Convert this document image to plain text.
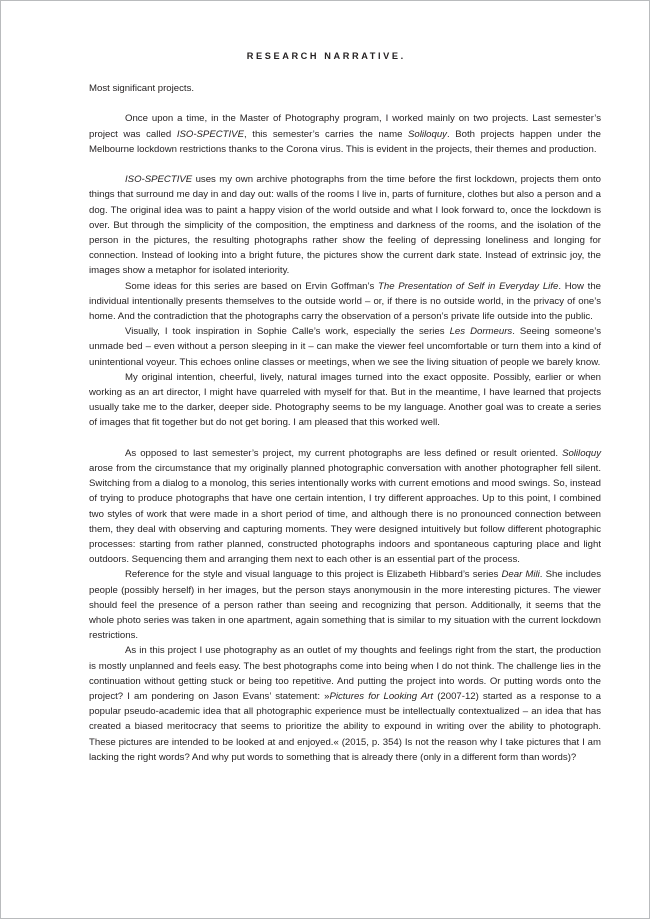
RESEARCH NARRATIVE.

Most significant projects.

Once upon a time, in the Master of Photography program, I worked mainly on two projects. Last semester’s project was called ISO-SPECTIVE, this semester’s carries the name Soliloquy. Both projects happen under the Melbourne lockdown restrictions thanks to the Corona virus. This is evident in the projects, their themes and production.

ISO-SPECTIVE uses my own archive photographs from the time before the first lockdown, projects them onto things that surround me day in and day out: walls of the rooms I live in, parts of furniture, clothes but also a person and a dog. The original idea was to paint a happy vision of the world outside and what I look forward to, once the lockdown is over. But through the simplicity of the composition, the emptiness and darkness of the rooms, and the isolation of the person in the pictures, the resulting photographs rather show the feeling of depressing loneliness and longing for connection. Instead of looking into a bright future, the pictures show the current dark state. Instead of extrinsic joy, the images show a metaphor for isolated interiority.

Some ideas for this series are based on Ervin Goffman’s The Presentation of Self in Everyday Life. How the individual intentionally presents themselves to the outside world – or, if there is no outside world, in the privacy of one’s home. And the contradiction that the photographs carry the observation of a person’s private life outside into the public.

Visually, I took inspiration in Sophie Calle’s work, especially the series Les Dormeurs. Seeing someone’s unmade bed – even without a person sleeping in it – can make the viewer feel uncomfortable or turn them into a kind of unintentional voyeur. This echoes online classes or meetings, when we see the living situation of people we barely know.

My original intention, cheerful, lively, natural images turned into the exact opposite. Possibly, earlier or when working as an art director, I might have quarreled with myself for that. But in the meantime, I have learned that projects usually take me to the darker, deeper side. Photography seems to be my language. Another goal was to create a series of images that fit together but do not get boring. I am pleased that this worked well.

As opposed to last semester’s project, my current photographs are less defined or result oriented. Soliloquy arose from the circumstance that my originally planned photographic conversation with another photographer fell silent. Switching from a dialog to a monolog, this series intentionally works with current emotions and mood swings. So, instead of trying to produce photographs that have one certain intention, I try different approaches. Up to this point, I combined two styles of work that were made in a short period of time, and although there is no pronounced connection between them, they deal with observing and capturing moments. They were designed intuitively but follow different photographic processes: starting from rather planned, constructed photographs indoors and spontaneous capturing place and light outdoors. Sequencing them and arranging them next to each other is an essential part of the process.

Reference for the style and visual language to this project is Elizabeth Hibbard’s series Dear Mili. She includes people (possibly herself) in her images, but the person stays anonymousin in the more interesting pictures. The viewer should feel the presence of a person rather than seeing and recognizing that person. Additionally, it seems that the whole photo series was taken in one apartment, again something that is similar to my situation with the current lockdown restrictions.

As in this project I use photography as an outlet of my thoughts and feelings right from the start, the production is mostly unplanned and feels easy. The best photographs come into being when I do not think. The challenge lies in the continuation without getting stuck or being too repetitive. And putting the project into words. Or putting words onto the project? I am pondering on Jason Evans’ statement: »Pictures for Looking Art (2007-12) started as a response to a popular pseudo-academic idea that all photographic experience must be intellectually contextualized – an idea that has created a biased meritocracy that seems to prioritize the ability to expound in writing over the ability to photograph. These pictures are intended to be looked at and enjoyed.« (2015, p. 354) Is not the reason why I take pictures that I am lacking the right words? And why put words to something that is already there (only in a different form than words)?
